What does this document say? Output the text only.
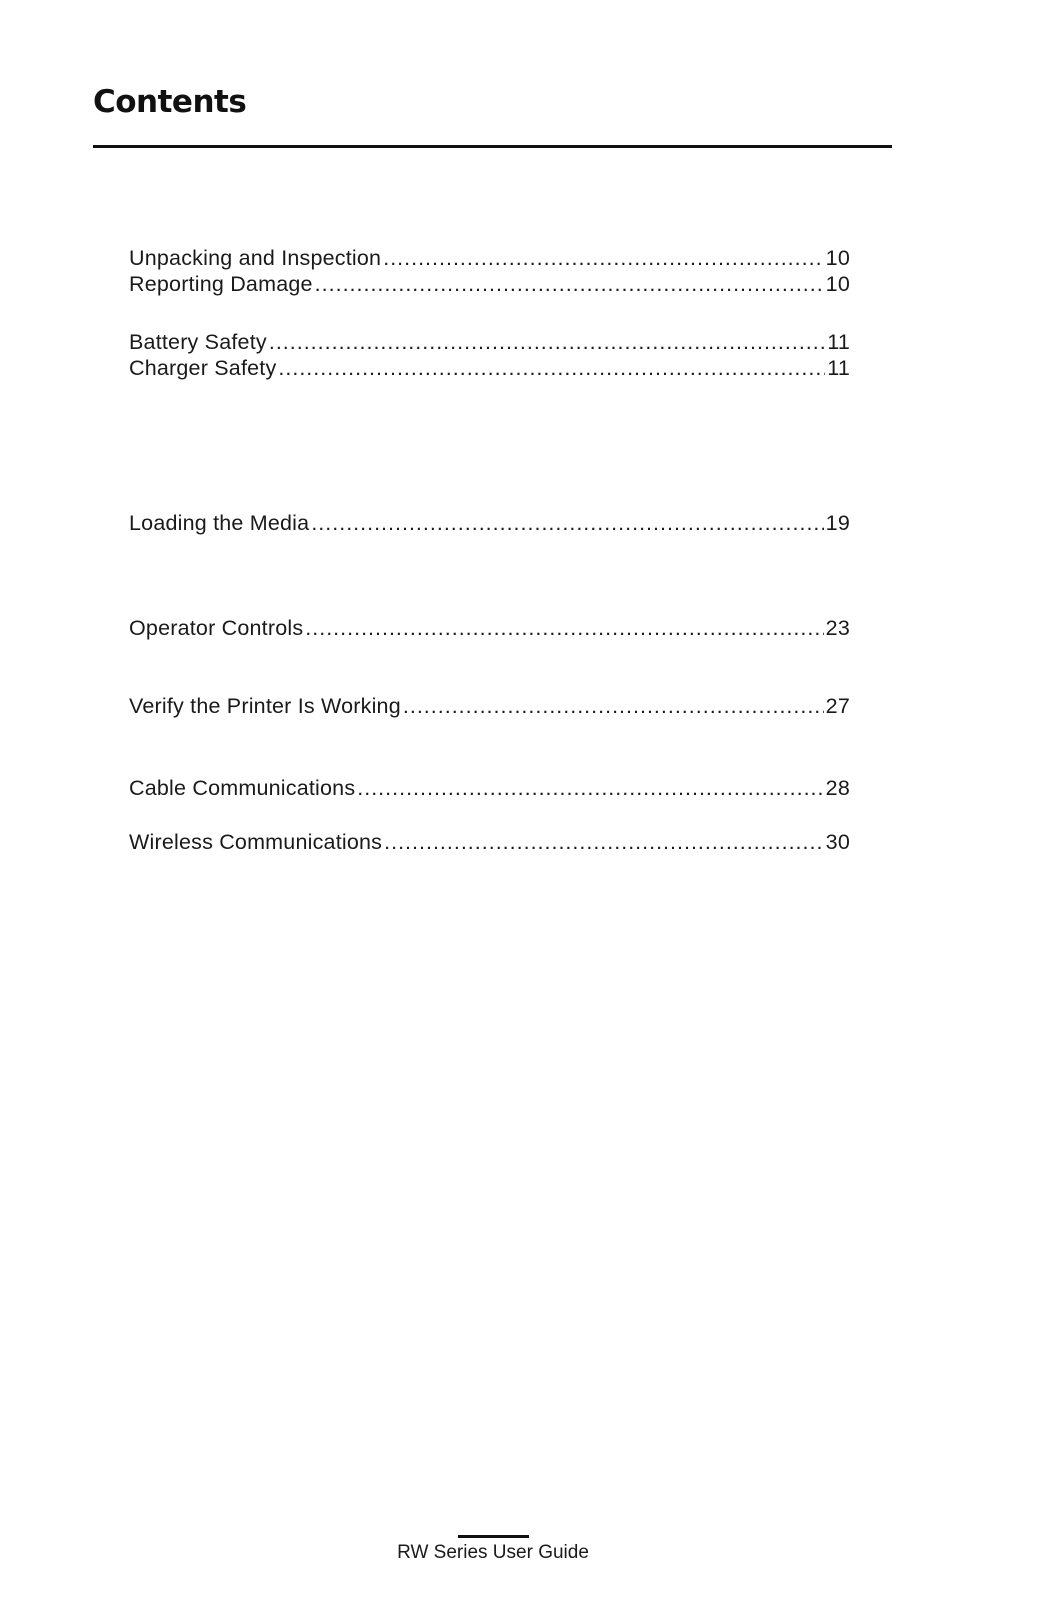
Contents
Unpacking and Inspection .....	10
Reporting Damage .....	10
Battery Safety .....	11
Charger Safety .....	11
Loading the Media .....	19
Operator Controls .....	23
Verify the Printer Is Working .....	27
Cable Communications .....	28
Wireless Communications .....	30
RW Series User Guide
